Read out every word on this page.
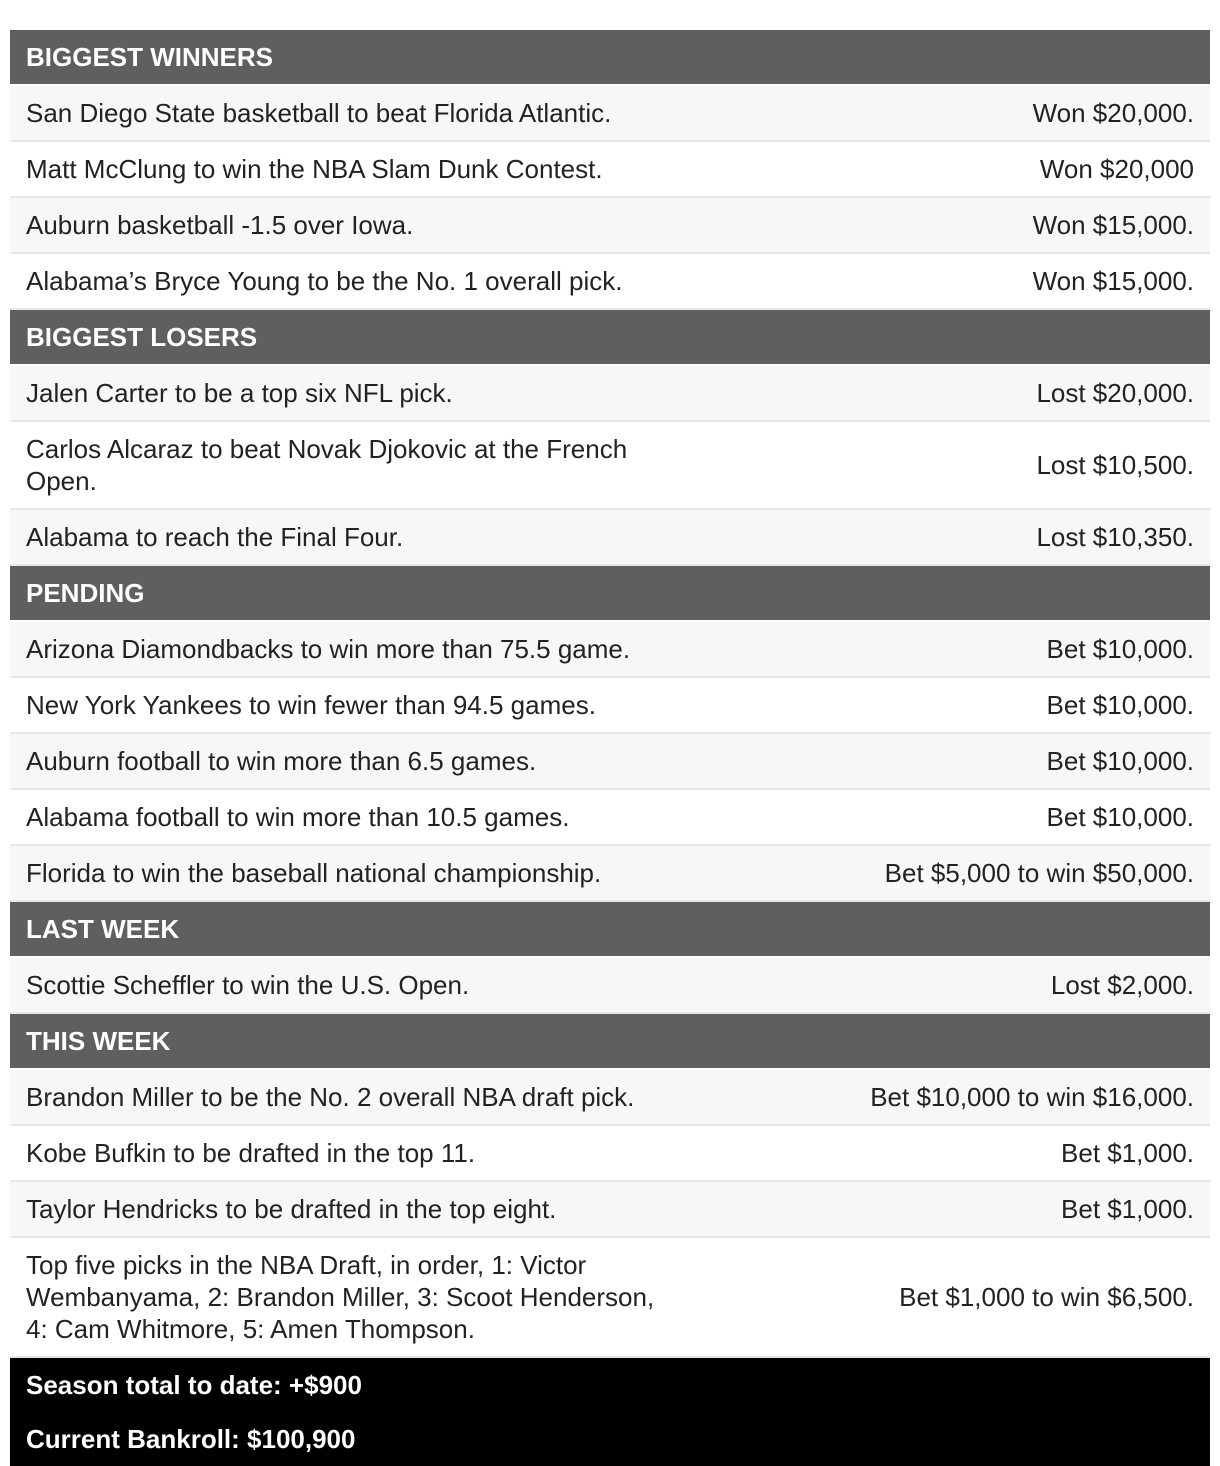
BIGGEST WINNERS	
San Diego State basketball to beat Florida Atlantic.	Won $20,000.
Matt McClung to win the NBA Slam Dunk Contest.	Won $20,000
Auburn basketball -1.5 over Iowa.	Won $15,000.
Alabama’s Bryce Young to be the No. 1 overall pick.	Won $15,000.
BIGGEST LOSERS	
Jalen Carter to be a top six NFL pick.	Lost $20,000.
Carlos Alcaraz to beat Novak Djokovic at the French Open.	Lost $10,500.
Alabama to reach the Final Four.	Lost $10,350.
PENDING	
Arizona Diamondbacks to win more than 75.5 game.	Bet $10,000.
New York Yankees to win fewer than 94.5 games.	Bet $10,000.
Auburn football to win more than 6.5 games.	Bet $10,000.
Alabama football to win more than 10.5 games.	Bet $10,000.
Florida to win the baseball national championship.	Bet $5,000 to win $50,000.
LAST WEEK	
Scottie Scheffler to win the U.S. Open.	Lost $2,000.
THIS WEEK	
Brandon Miller to be the No. 2 overall NBA draft pick.	Bet $10,000 to win $16,000.
Kobe Bufkin to be drafted in the top 11.	Bet $1,000.
Taylor Hendricks to be drafted in the top eight.	Bet $1,000.
Top five picks in the NBA Draft, in order, 1: Victor Wembanyama, 2: Brandon Miller, 3: Scoot Henderson, 4: Cam Whitmore, 5: Amen Thompson.	Bet $1,000 to win $6,500.
Season total to date: +$900	
Current Bankroll: $100,900	
